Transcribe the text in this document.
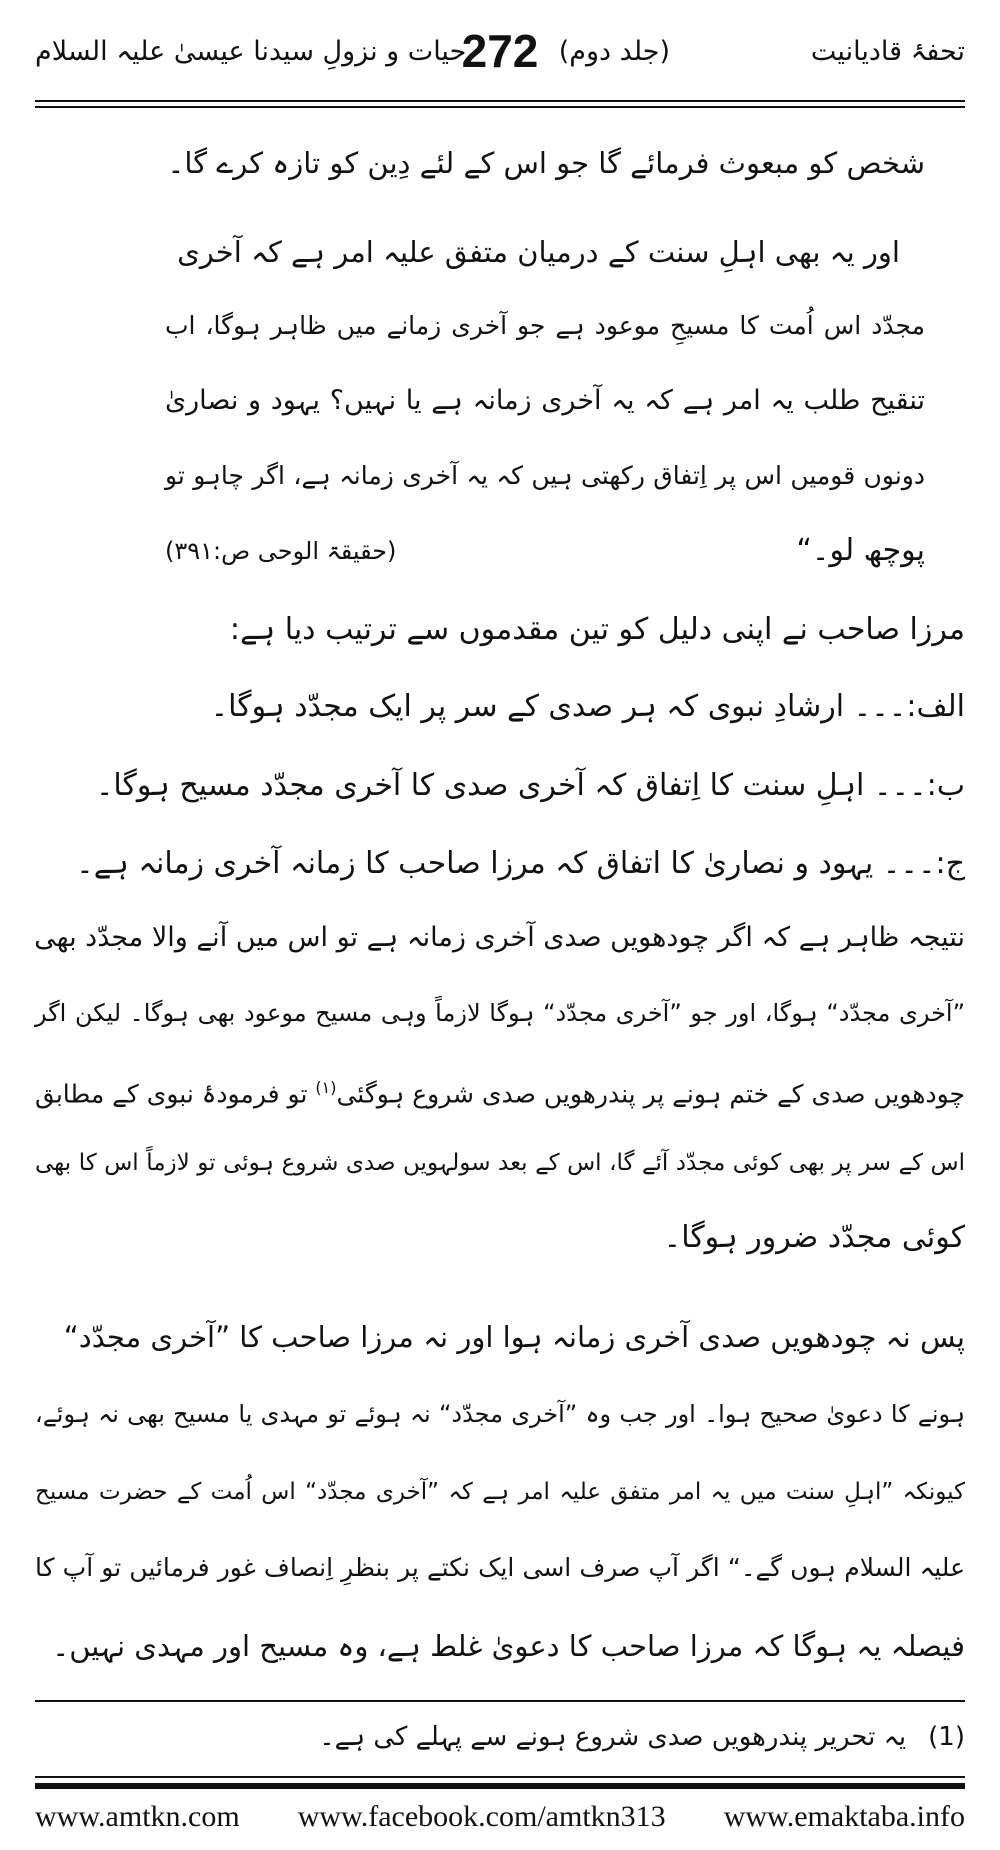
تحفۂ قادیانیت
(جلد دوم)
272
حیات و نزولِ سیدنا عیسیٰ علیہ السلام
شخص کو مبعوث فرمائے گا جو اس کے لئے دِین کو تازہ کرے گا۔
اور یہ بھی اہلِ سنت کے درمیان متفق علیہ امر ہے کہ آخری
مجدّد اس اُمت کا مسیحِ موعود ہے جو آخری زمانے میں ظاہر ہوگا، اب
تنقیح طلب یہ امر ہے کہ یہ آخری زمانہ ہے یا نہیں؟ یہود و نصاریٰ
دونوں قومیں اس پر اِتفاق رکھتی ہیں کہ یہ آخری زمانہ ہے، اگر چاہو تو
پوچھ لو۔“
(حقیقۃ الوحی ص:۳۹۱)
مرزا صاحب نے اپنی دلیل کو تین مقدموں سے ترتیب دیا ہے:
الف:۔۔۔ ارشادِ نبوی کہ ہر صدی کے سر پر ایک مجدّد ہوگا۔
ب:۔۔۔ اہلِ سنت کا اِتفاق کہ آخری صدی کا آخری مجدّد مسیح ہوگا۔
ج:۔۔۔ یہود و نصاریٰ کا اتفاق کہ مرزا صاحب کا زمانہ آخری زمانہ ہے۔
نتیجہ ظاہر ہے کہ اگر چودھویں صدی آخری زمانہ ہے تو اس میں آنے والا مجدّد بھی
”آخری مجدّد“ ہوگا، اور جو ”آخری مجدّد“ ہوگا لازماً وہی مسیح موعود بھی ہوگا۔ لیکن اگر
چودھویں صدی کے ختم ہونے پر پندرھویں صدی شروع ہوگئی$^{(۱)}$ تو فرمودۂ نبوی کے مطابق
اس کے سر پر بھی کوئی مجدّد آئے گا، اس کے بعد سولہویں صدی شروع ہوئی تو لازماً اس کا بھی
کوئی مجدّد ضرور ہوگا۔
پس نہ چودھویں صدی آخری زمانہ ہوا اور نہ مرزا صاحب کا ”آخری مجدّد“
ہونے کا دعویٰ صحیح ہوا۔ اور جب وہ ”آخری مجدّد“ نہ ہوئے تو مہدی یا مسیح بھی نہ ہوئے،
کیونکہ ”اہلِ سنت میں یہ امر متفق علیہ امر ہے کہ ”آخری مجدّد“ اس اُمت کے حضرت مسیح
علیہ السلام ہوں گے۔“ اگر آپ صرف اسی ایک نکتے پر بنظرِ اِنصاف غور فرمائیں تو آپ کا
فیصلہ یہ ہوگا کہ مرزا صاحب کا دعویٰ غلط ہے، وہ مسیح اور مہدی نہیں۔
(1)یہ تحریر پندرھویں صدی شروع ہونے سے پہلے کی ہے۔
www.amtkn.com www.facebook.com/amtkn313 www.emaktaba.info
